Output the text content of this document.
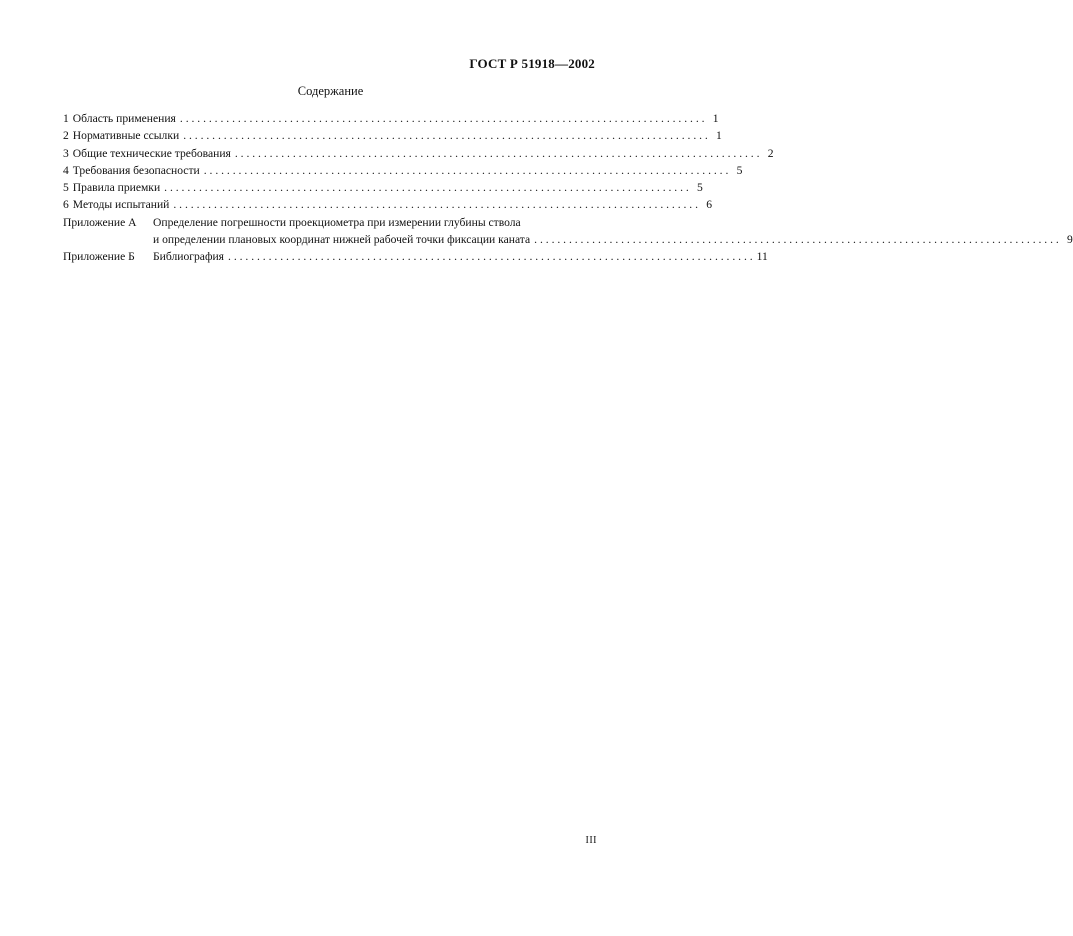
ГОСТ Р 51918—2002
Содержание
1 Область применения . . .	1
2 Нормативные ссылки . . .	1
3 Общие технические требования . . .	2
4 Требования безопасности . . .	5
5 Правила приемки . . .	5
6 Методы испытаний . . .	6
Приложение А	Определение погрешности проекциометра при измерении глубины ствола
и определении плановых координат нижней рабочей точки фиксации каната . . .	9
Приложение Б	Библиография . . .	11
III
